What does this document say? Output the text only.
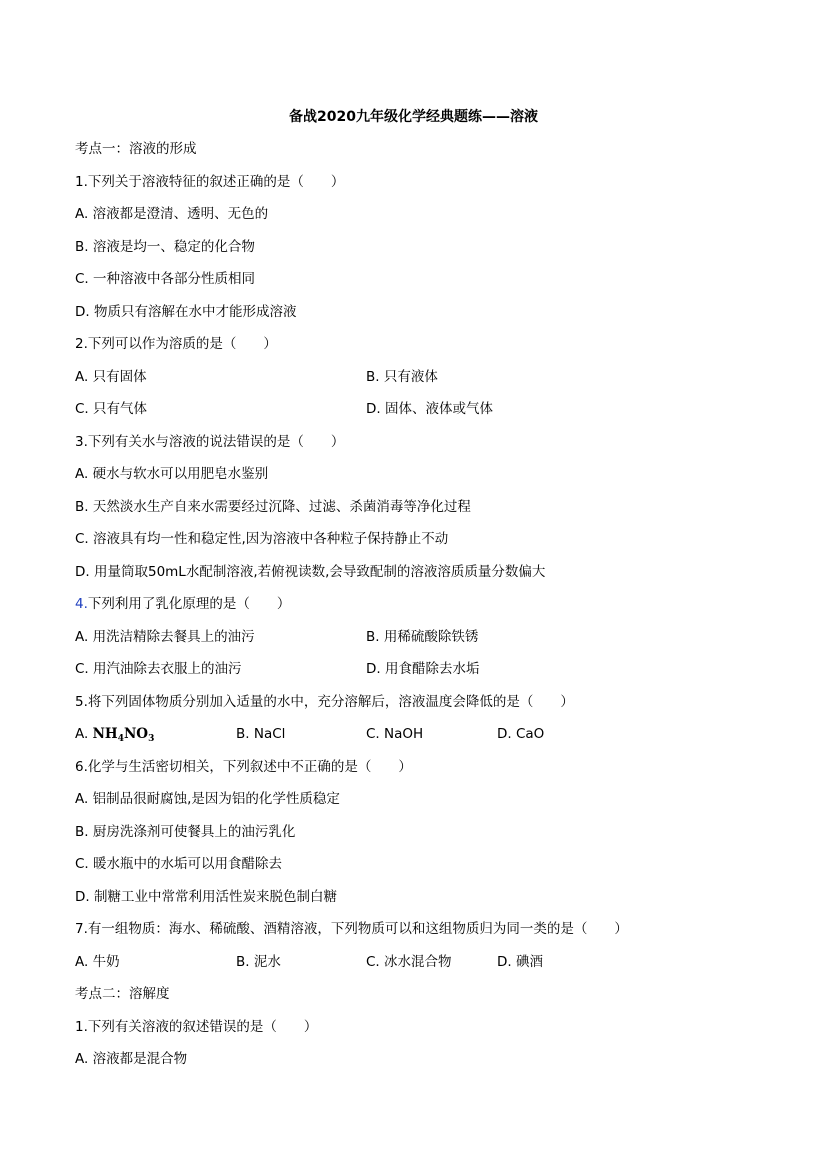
备战2020九年级化学经典题练——溶液
考点一：溶液的形成
1.下列关于溶液特征的叙述正确的是（　　）
A. 溶液都是澄清、透明、无色的
B. 溶液是均一、稳定的化合物
C. 一种溶液中各部分性质相同
D. 物质只有溶解在水中才能形成溶液
2.下列可以作为溶质的是（　　）
A. 只有固体	B. 只有液体
C. 只有气体	D. 固体、液体或气体
3.下列有关水与溶液的说法错误的是（　　）
A. 硬水与软水可以用肥皂水鉴别
B. 天然淡水生产自来水需要经过沉降、过滤、杀菌消毒等净化过程
C. 溶液具有均一性和稳定性,因为溶液中各种粒子保持静止不动
D. 用量筒取50mL水配制溶液,若俯视读数,会导致配制的溶液溶质质量分数偏大
4.下列利用了乳化原理的是（　　）
A. 用洗洁精除去餐具上的油污	B. 用稀硫酸除铁锈
C. 用汽油除去衣服上的油污	D. 用食醋除去水垢
5.将下列固体物质分别加入适量的水中，充分溶解后，溶液温度会降低的是（　　）
A. $NH_4NO_3$	B. NaCl	C. NaOH	D. CaO
6.化学与生活密切相关，下列叙述中不正确的是（　　）
A. 铝制品很耐腐蚀,是因为铝的化学性质稳定
B. 厨房洗涤剂可使餐具上的油污乳化
C. 暖水瓶中的水垢可以用食醋除去
D. 制糖工业中常常利用活性炭来脱色制白糖
7.有一组物质：海水、稀硫酸、酒精溶液，下列物质可以和这组物质归为同一类的是（　　）
A. 牛奶	B. 泥水	C. 冰水混合物	D. 碘酒
考点二：溶解度
1.下列有关溶液的叙述错误的是（　　）
A. 溶液都是混合物
